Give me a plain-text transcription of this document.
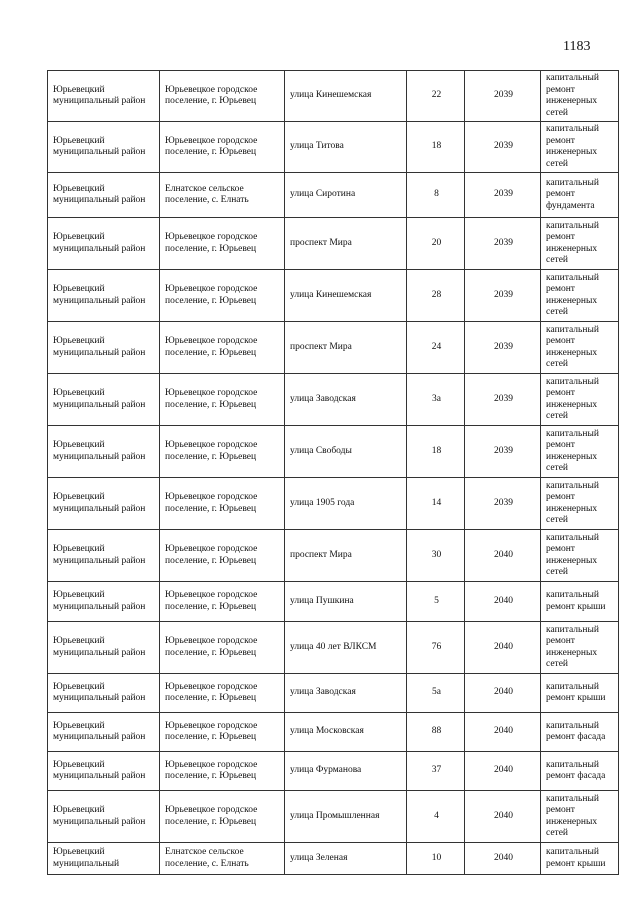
1183
Юрьевецкий муниципальный район	Юрьевецкое городское поселение, г. Юрьевец	улица Кинешемская	22	2039	капитальный ремонт инженерных сетей
Юрьевецкий муниципальный район	Юрьевецкое городское поселение, г. Юрьевец	улица Титова	18	2039	капитальный ремонт инженерных сетей
Юрьевецкий муниципальный район	Елнатское сельское поселение, с. Елнать	улица Сиротина	8	2039	капитальный ремонт фундамента
Юрьевецкий муниципальный район	Юрьевецкое городское поселение, г. Юрьевец	проспект Мира	20	2039	капитальный ремонт инженерных сетей
Юрьевецкий муниципальный район	Юрьевецкое городское поселение, г. Юрьевец	улица Кинешемская	28	2039	капитальный ремонт инженерных сетей
Юрьевецкий муниципальный район	Юрьевецкое городское поселение, г. Юрьевец	проспект Мира	24	2039	капитальный ремонт инженерных сетей
Юрьевецкий муниципальный район	Юрьевецкое городское поселение, г. Юрьевец	улица Заводская	3а	2039	капитальный ремонт инженерных сетей
Юрьевецкий муниципальный район	Юрьевецкое городское поселение, г. Юрьевец	улица Свободы	18	2039	капитальный ремонт инженерных сетей
Юрьевецкий муниципальный район	Юрьевецкое городское поселение, г. Юрьевец	улица 1905 года	14	2039	капитальный ремонт инженерных сетей
Юрьевецкий муниципальный район	Юрьевецкое городское поселение, г. Юрьевец	проспект Мира	30	2040	капитальный ремонт инженерных сетей
Юрьевецкий муниципальный район	Юрьевецкое городское поселение, г. Юрьевец	улица Пушкина	5	2040	капитальный ремонт крыши
Юрьевецкий муниципальный район	Юрьевецкое городское поселение, г. Юрьевец	улица 40 лет ВЛКСМ	76	2040	капитальный ремонт инженерных сетей
Юрьевецкий муниципальный район	Юрьевецкое городское поселение, г. Юрьевец	улица Заводская	5а	2040	капитальный ремонт крыши
Юрьевецкий муниципальный район	Юрьевецкое городское поселение, г. Юрьевец	улица Московская	88	2040	капитальный ремонт фасада
Юрьевецкий муниципальный район	Юрьевецкое городское поселение, г. Юрьевец	улица Фурманова	37	2040	капитальный ремонт фасада
Юрьевецкий муниципальный район	Юрьевецкое городское поселение, г. Юрьевец	улица Промышленная	4	2040	капитальный ремонт инженерных сетей
Юрьевецкий муниципальный	Елнатское сельское поселение, с. Елнать	улица Зеленая	10	2040	капитальный ремонт крыши
